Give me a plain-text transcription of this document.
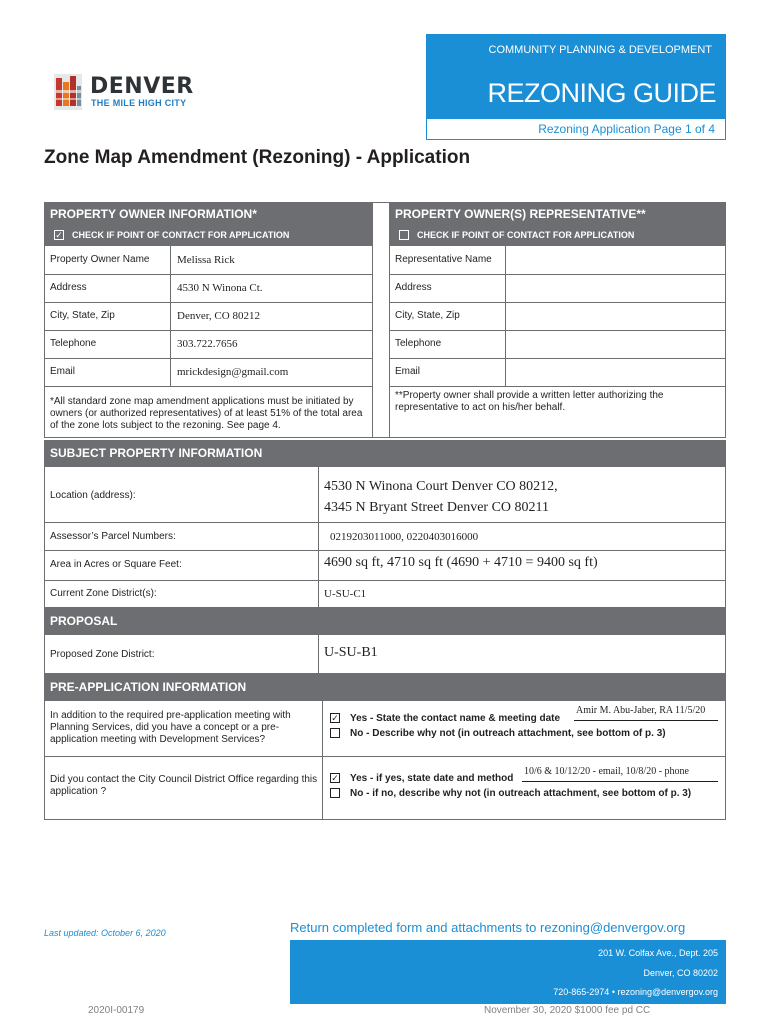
DENVER
THE MILE HIGH CITY
COMMUNITY PLANNING & DEVELOPMENT
REZONING GUIDE
Rezoning Application Page 1 of 4
Zone Map Amendment (Rezoning) - Application
PROPERTY OWNER INFORMATION*
✓ CHECK IF POINT OF CONTACT FOR APPLICATION
PROPERTY OWNER(S) REPRESENTATIVE**
CHECK IF POINT OF CONTACT FOR APPLICATION
Property Owner Name	Melissa Rick
Address	4530 N Winona Ct.
City, State, Zip	Denver, CO 80212
Telephone	303.722.7656
Email	mrickdesign@gmail.com
*All standard zone map amendment applications must be initiated by owners (or authorized representatives) of at least 51% of the total area of the zone lots subject to the rezoning. See page 4.
Representative Name
Address
City, State, Zip
Telephone
Email
**Property owner shall provide a written letter authorizing the representative to act on his/her behalf.
SUBJECT PROPERTY INFORMATION
Location (address):
4530 N Winona Court Denver CO 80212,
4345 N Bryant Street Denver CO 80211
Assessor’s Parcel Numbers:	0219203011000, 0220403016000
Area in Acres or Square Feet:	4690 sq ft, 4710 sq ft (4690 + 4710 = 9400 sq ft)
Current Zone District(s):	U-SU-C1
PROPOSAL
Proposed Zone District:	U-SU-B1
PRE-APPLICATION INFORMATION
In addition to the required pre-application meeting with Planning Services, did you have a concept or a pre-application meeting with Development Services?
✓ Yes - State the contact name & meeting date
Amir M. Abu-Jaber, RA 11/5/20
No - Describe why not (in outreach attachment, see bottom of p. 3)
Did you contact the City Council District Office regarding this application ?
✓ Yes - if yes, state date and method
10/6 & 10/12/20 - email, 10/8/20 - phone
No - if no, describe why not (in outreach attachment, see bottom of p. 3)
Last updated: October 6, 2020	Return completed form and attachments to rezoning@denvergov.org
201 W. Colfax Ave., Dept. 205
Denver, CO 80202
720-865-2974 • rezoning@denvergov.org
2020I-00179	November 30, 2020 $1000 fee pd CC
